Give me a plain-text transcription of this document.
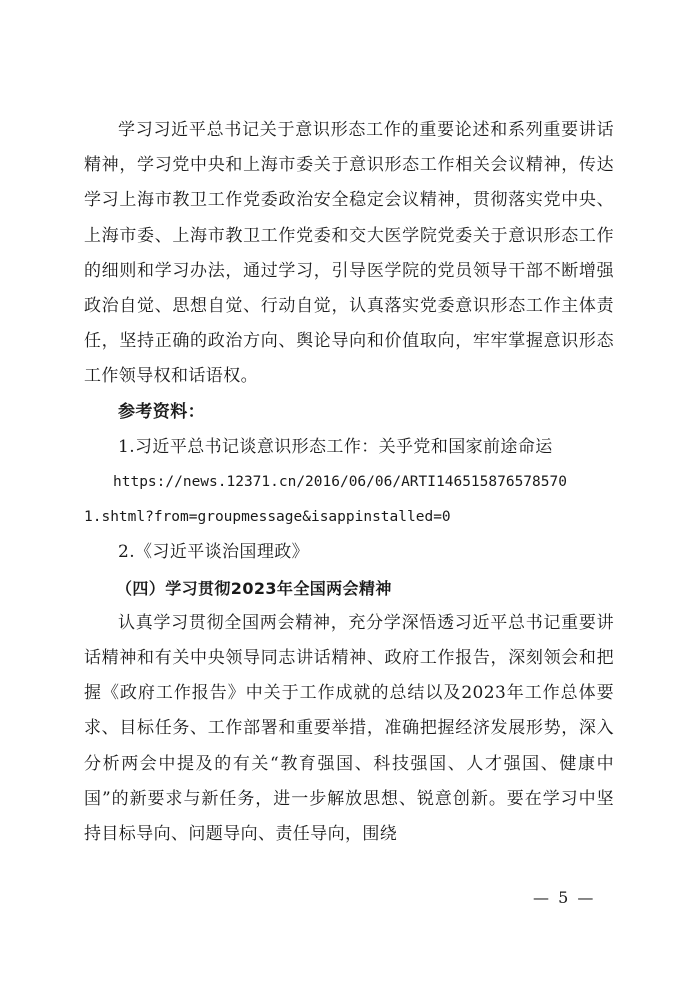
学习习近平总书记关于意识形态工作的重要论述和系列重要讲话精神，学习党中央和上海市委关于意识形态工作相关会议精神，传达学习上海市教卫工作党委政治安全稳定会议精神，贯彻落实党中央、上海市委、上海市教卫工作党委和交大医学院党委关于意识形态工作的细则和学习办法，通过学习，引导医学院的党员领导干部不断增强政治自觉、思想自觉、行动自觉，认真落实党委意识形态工作主体责任，坚持正确的政治方向、舆论导向和价值取向，牢牢掌握意识形态工作领导权和话语权。

参考资料：

1.习近平总书记谈意识形态工作：关乎党和国家前途命运

https://news.12371.cn/2016/06/06/ARTI146515876578570

1.shtml?from=groupmessage&isappinstalled=0

2.《习近平谈治国理政》

（四）学习贯彻2023年全国两会精神

认真学习贯彻全国两会精神，充分学深悟透习近平总书记重要讲话精神和有关中央领导同志讲话精神、政府工作报告，深刻领会和把握《政府工作报告》中关于工作成就的总结以及2023年工作总体要求、目标任务、工作部署和重要举措，准确把握经济发展形势，深入分析两会中提及的有关“教育强国、科技强国、人才强国、健康中国”的新要求与新任务，进一步解放思想、锐意创新。要在学习中坚持目标导向、问题导向、责任导向，围绕

— 5 —
